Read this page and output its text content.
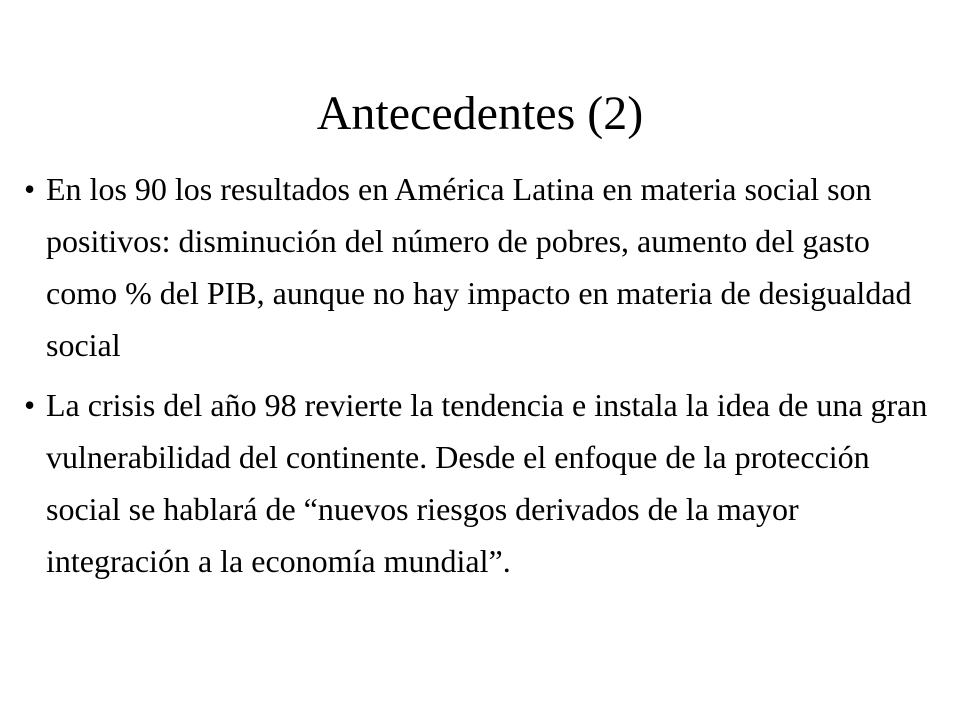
Antecedentes (2)
• En los 90 los resultados en América Latina en materia social son positivos: disminución del número de pobres, aumento del gasto como % del PIB, aunque no hay impacto en materia de desigualdad social
• La crisis del año 98 revierte la tendencia e instala la idea de una gran vulnerabilidad del continente. Desde el enfoque de la protección social se hablará de “nuevos riesgos derivados de la mayor integración a la economía mundial”.
